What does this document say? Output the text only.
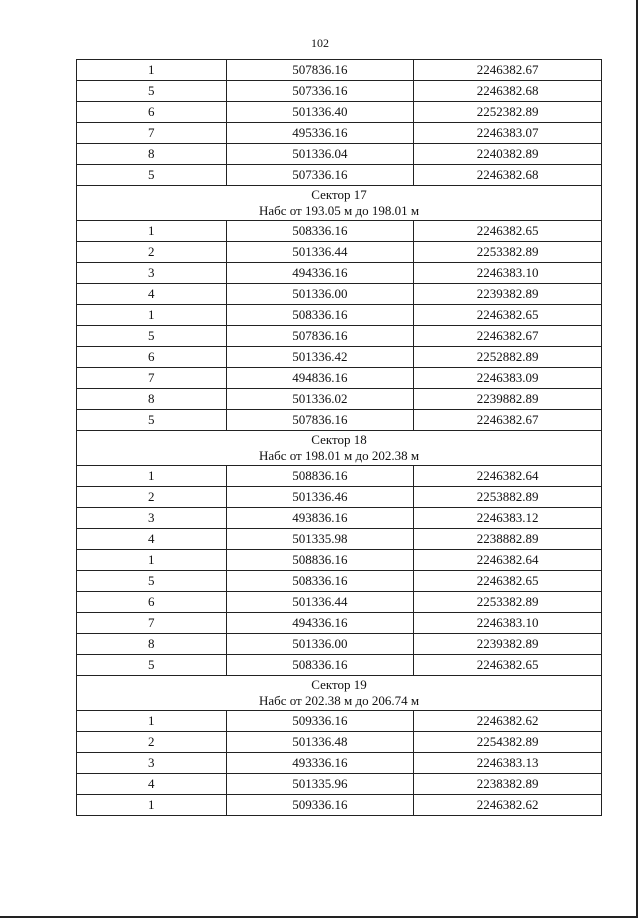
102
1	507836.16	2246382.67
5	507336.16	2246382.68
6	501336.40	2252382.89
7	495336.16	2246383.07
8	501336.04	2240382.89
5	507336.16	2246382.68

Сектор 17
Набс от 193.05 м до 198.01 м		

1	508336.16	2246382.65
2	501336.44	2253382.89
3	494336.16	2246383.10
4	501336.00	2239382.89
1	508336.16	2246382.65
5	507836.16	2246382.67
6	501336.42	2252882.89
7	494836.16	2246383.09
8	501336.02	2239882.89
5	507836.16	2246382.67

Сектор 18
Набс от 198.01 м до 202.38 м		

1	508836.16	2246382.64
2	501336.46	2253882.89
3	493836.16	2246383.12
4	501335.98	2238882.89
1	508836.16	2246382.64
5	508336.16	2246382.65
6	501336.44	2253382.89
7	494336.16	2246383.10
8	501336.00	2239382.89
5	508336.16	2246382.65

Сектор 19
Набс от 202.38 м до 206.74 м		

1	509336.16	2246382.62
2	501336.48	2254382.89
3	493336.16	2246383.13
4	501335.96	2238382.89
1	509336.16	2246382.62
